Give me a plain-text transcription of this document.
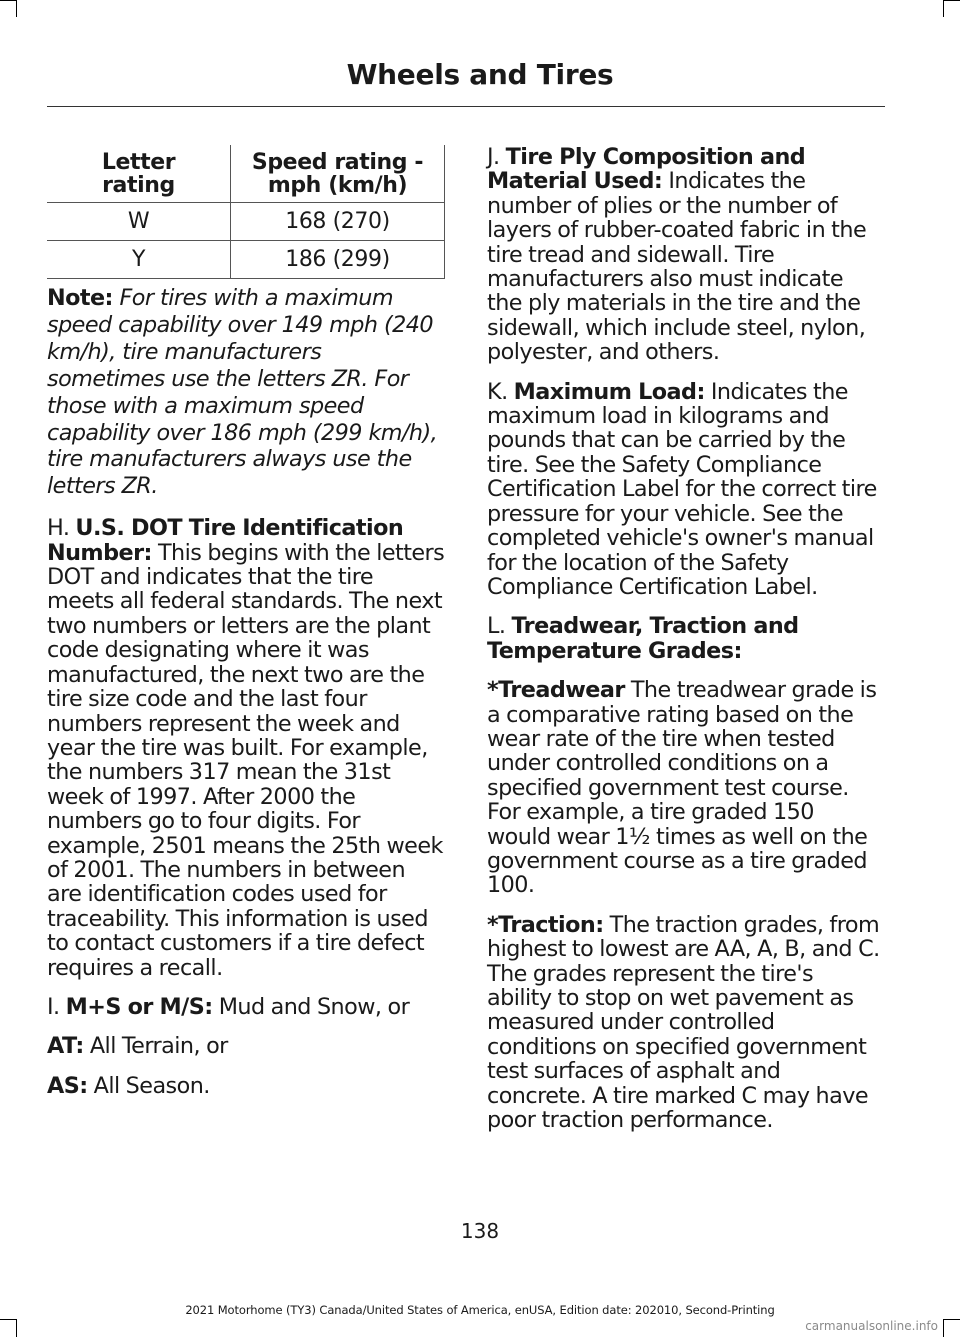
Wheels and Tires
Letter rating	Speed rating - mph (km/h)
W	168 (270)
Y	186 (299)

Note: For tires with a maximum speed capability over 149 mph (240 km/h), tire manufacturers sometimes use the letters ZR. For those with a maximum speed capability over 186 mph (299 km/h), tire manufacturers always use the letters ZR.

H. U.S. DOT Tire Identification Number: This begins with the letters DOT and indicates that the tire meets all federal standards. The next two numbers or letters are the plant code designating where it was manufactured, the next two are the tire size code and the last four numbers represent the week and year the tire was built. For example, the numbers 317 mean the 31st week of 1997. After 2000 the numbers go to four digits. For example, 2501 means the 25th week of 2001. The numbers in between are identification codes used for traceability. This information is used to contact customers if a tire defect requires a recall.

I. M+S or M/S: Mud and Snow, or

AT: All Terrain, or

AS: All Season.

J. Tire Ply Composition and Material Used: Indicates the number of plies or the number of layers of rubber-coated fabric in the tire tread and sidewall. Tire manufacturers also must indicate the ply materials in the tire and the sidewall, which include steel, nylon, polyester, and others.

K. Maximum Load: Indicates the maximum load in kilograms and pounds that can be carried by the tire. See the Safety Compliance Certification Label for the correct tire pressure for your vehicle. See the completed vehicle's owner's manual for the location of the Safety Compliance Certification Label.

L. Treadwear, Traction and Temperature Grades:

*Treadwear The treadwear grade is a comparative rating based on the wear rate of the tire when tested under controlled conditions on a specified government test course. For example, a tire graded 150 would wear 1½ times as well on the government course as a tire graded 100.

*Traction: The traction grades, from highest to lowest are AA, A, B, and C. The grades represent the tire's ability to stop on wet pavement as measured under controlled conditions on specified government test surfaces of asphalt and concrete. A tire marked C may have poor traction performance.

138
2021 Motorhome (TY3) Canada/United States of America, enUSA, Edition date: 202010, Second-Printing
carmanualsonline.info
